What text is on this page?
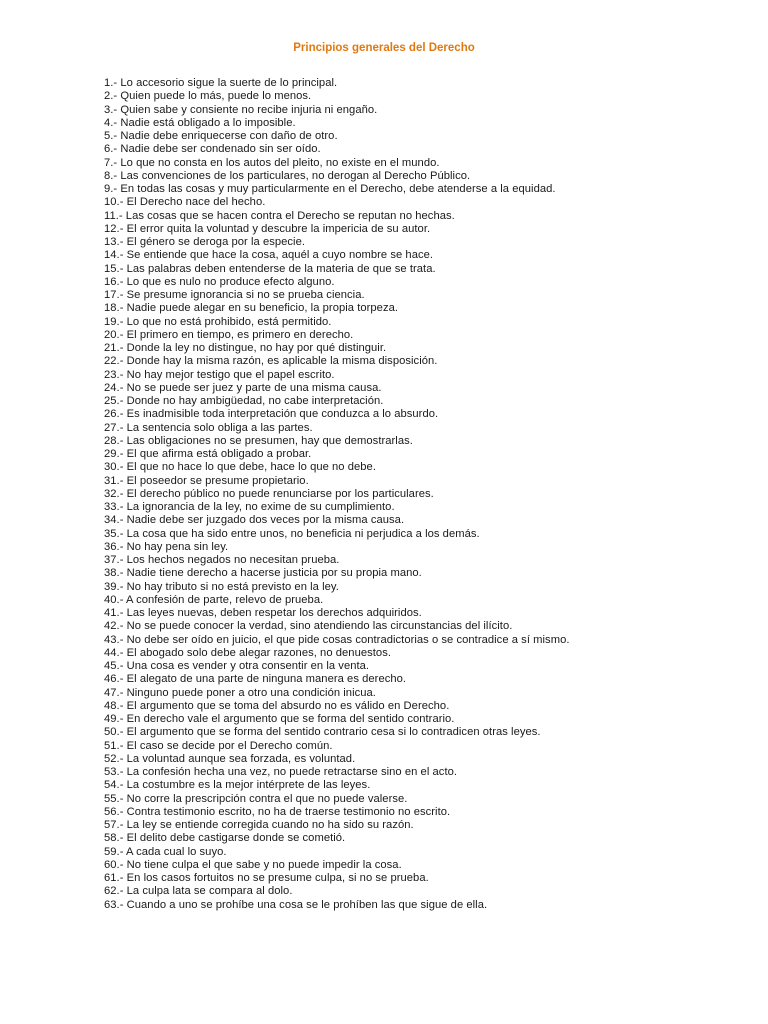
Principios generales del Derecho
1.- Lo accesorio sigue la suerte de lo principal.
2.- Quien puede lo más, puede lo menos.
3.- Quien sabe y consiente no recibe injuria ni engaño.
4.- Nadie está obligado a lo imposible.
5.- Nadie debe enriquecerse con daño de otro.
6.- Nadie debe ser condenado sin ser oído.
7.- Lo que no consta en los autos del pleito, no existe en el mundo.
8.- Las convenciones de los particulares, no derogan al Derecho Público.
9.- En todas las cosas y muy particularmente en el Derecho, debe atenderse a la equidad.
10.- El Derecho nace del hecho.
11.- Las cosas que se hacen contra el Derecho se reputan no hechas.
12.- El error quita la voluntad y descubre la impericia de su autor.
13.- El género se deroga por la especie.
14.- Se entiende que hace la cosa, aquél a cuyo nombre se hace.
15.- Las palabras deben entenderse de la materia de que se trata.
16.- Lo que es nulo no produce efecto alguno.
17.- Se presume ignorancia si no se prueba ciencia.
18.- Nadie puede alegar en su beneficio, la propia torpeza.
19.- Lo que no está prohibido, está permitido.
20.- El primero en tiempo, es primero en derecho.
21.- Donde la ley no distingue, no hay por qué distinguir.
22.- Donde hay la misma razón, es aplicable la misma disposición.
23.- No hay mejor testigo que el papel escrito.
24.- No se puede ser juez y parte de una misma causa.
25.- Donde no hay ambigüedad, no cabe interpretación.
26.- Es inadmisible toda interpretación que conduzca a lo absurdo.
27.- La sentencia solo obliga a las partes.
28.- Las obligaciones no se presumen, hay que demostrarlas.
29.- El que afirma está obligado a probar.
30.- El que no hace lo que debe, hace lo que no debe.
31.- El poseedor se presume propietario.
32.- El derecho público no puede renunciarse por los particulares.
33.- La ignorancia de la ley, no exime de su cumplimiento.
34.- Nadie debe ser juzgado dos veces por la misma causa.
35.- La cosa que ha sido entre unos, no beneficia ni perjudica a los demás.
36.- No hay pena sin ley.
37.- Los hechos negados no necesitan prueba.
38.- Nadie tiene derecho a hacerse justicia por su propia mano.
39.- No hay tributo si no está previsto en la ley.
40.- A confesión de parte, relevo de prueba.
41.- Las leyes nuevas, deben respetar los derechos adquiridos.
42.- No se puede conocer la verdad, sino atendiendo las circunstancias del ilícito.
43.- No debe ser oído en juicio, el que pide cosas contradictorias o se contradice a sí mismo.
44.- El abogado solo debe alegar razones, no denuestos.
45.- Una cosa es vender y otra consentir en la venta.
46.- El alegato de una parte de ninguna manera es derecho.
47.- Ninguno puede poner a otro una condición inicua.
48.- El argumento que se toma del absurdo no es válido en Derecho.
49.- En derecho vale el argumento que se forma del sentido contrario.
50.- El argumento que se forma del sentido contrario cesa si lo contradicen otras leyes.
51.- El caso se decide por el Derecho común.
52.- La voluntad aunque sea forzada, es voluntad.
53.- La confesión hecha una vez, no puede retractarse sino en el acto.
54.- La costumbre es la mejor intérprete de las leyes.
55.- No corre la prescripción contra el que no puede valerse.
56.- Contra testimonio escrito, no ha de traerse testimonio no escrito.
57.- La ley se entiende corregida cuando no ha sido su razón.
58.- El delito debe castigarse donde se cometió.
59.- A cada cual lo suyo.
60.- No tiene culpa el que sabe y no puede impedir la cosa.
61.- En los casos fortuitos no se presume culpa, si no se prueba.
62.- La culpa lata se compara al dolo.
63.- Cuando a uno se prohíbe una cosa se le prohíben las que sigue de ella.
